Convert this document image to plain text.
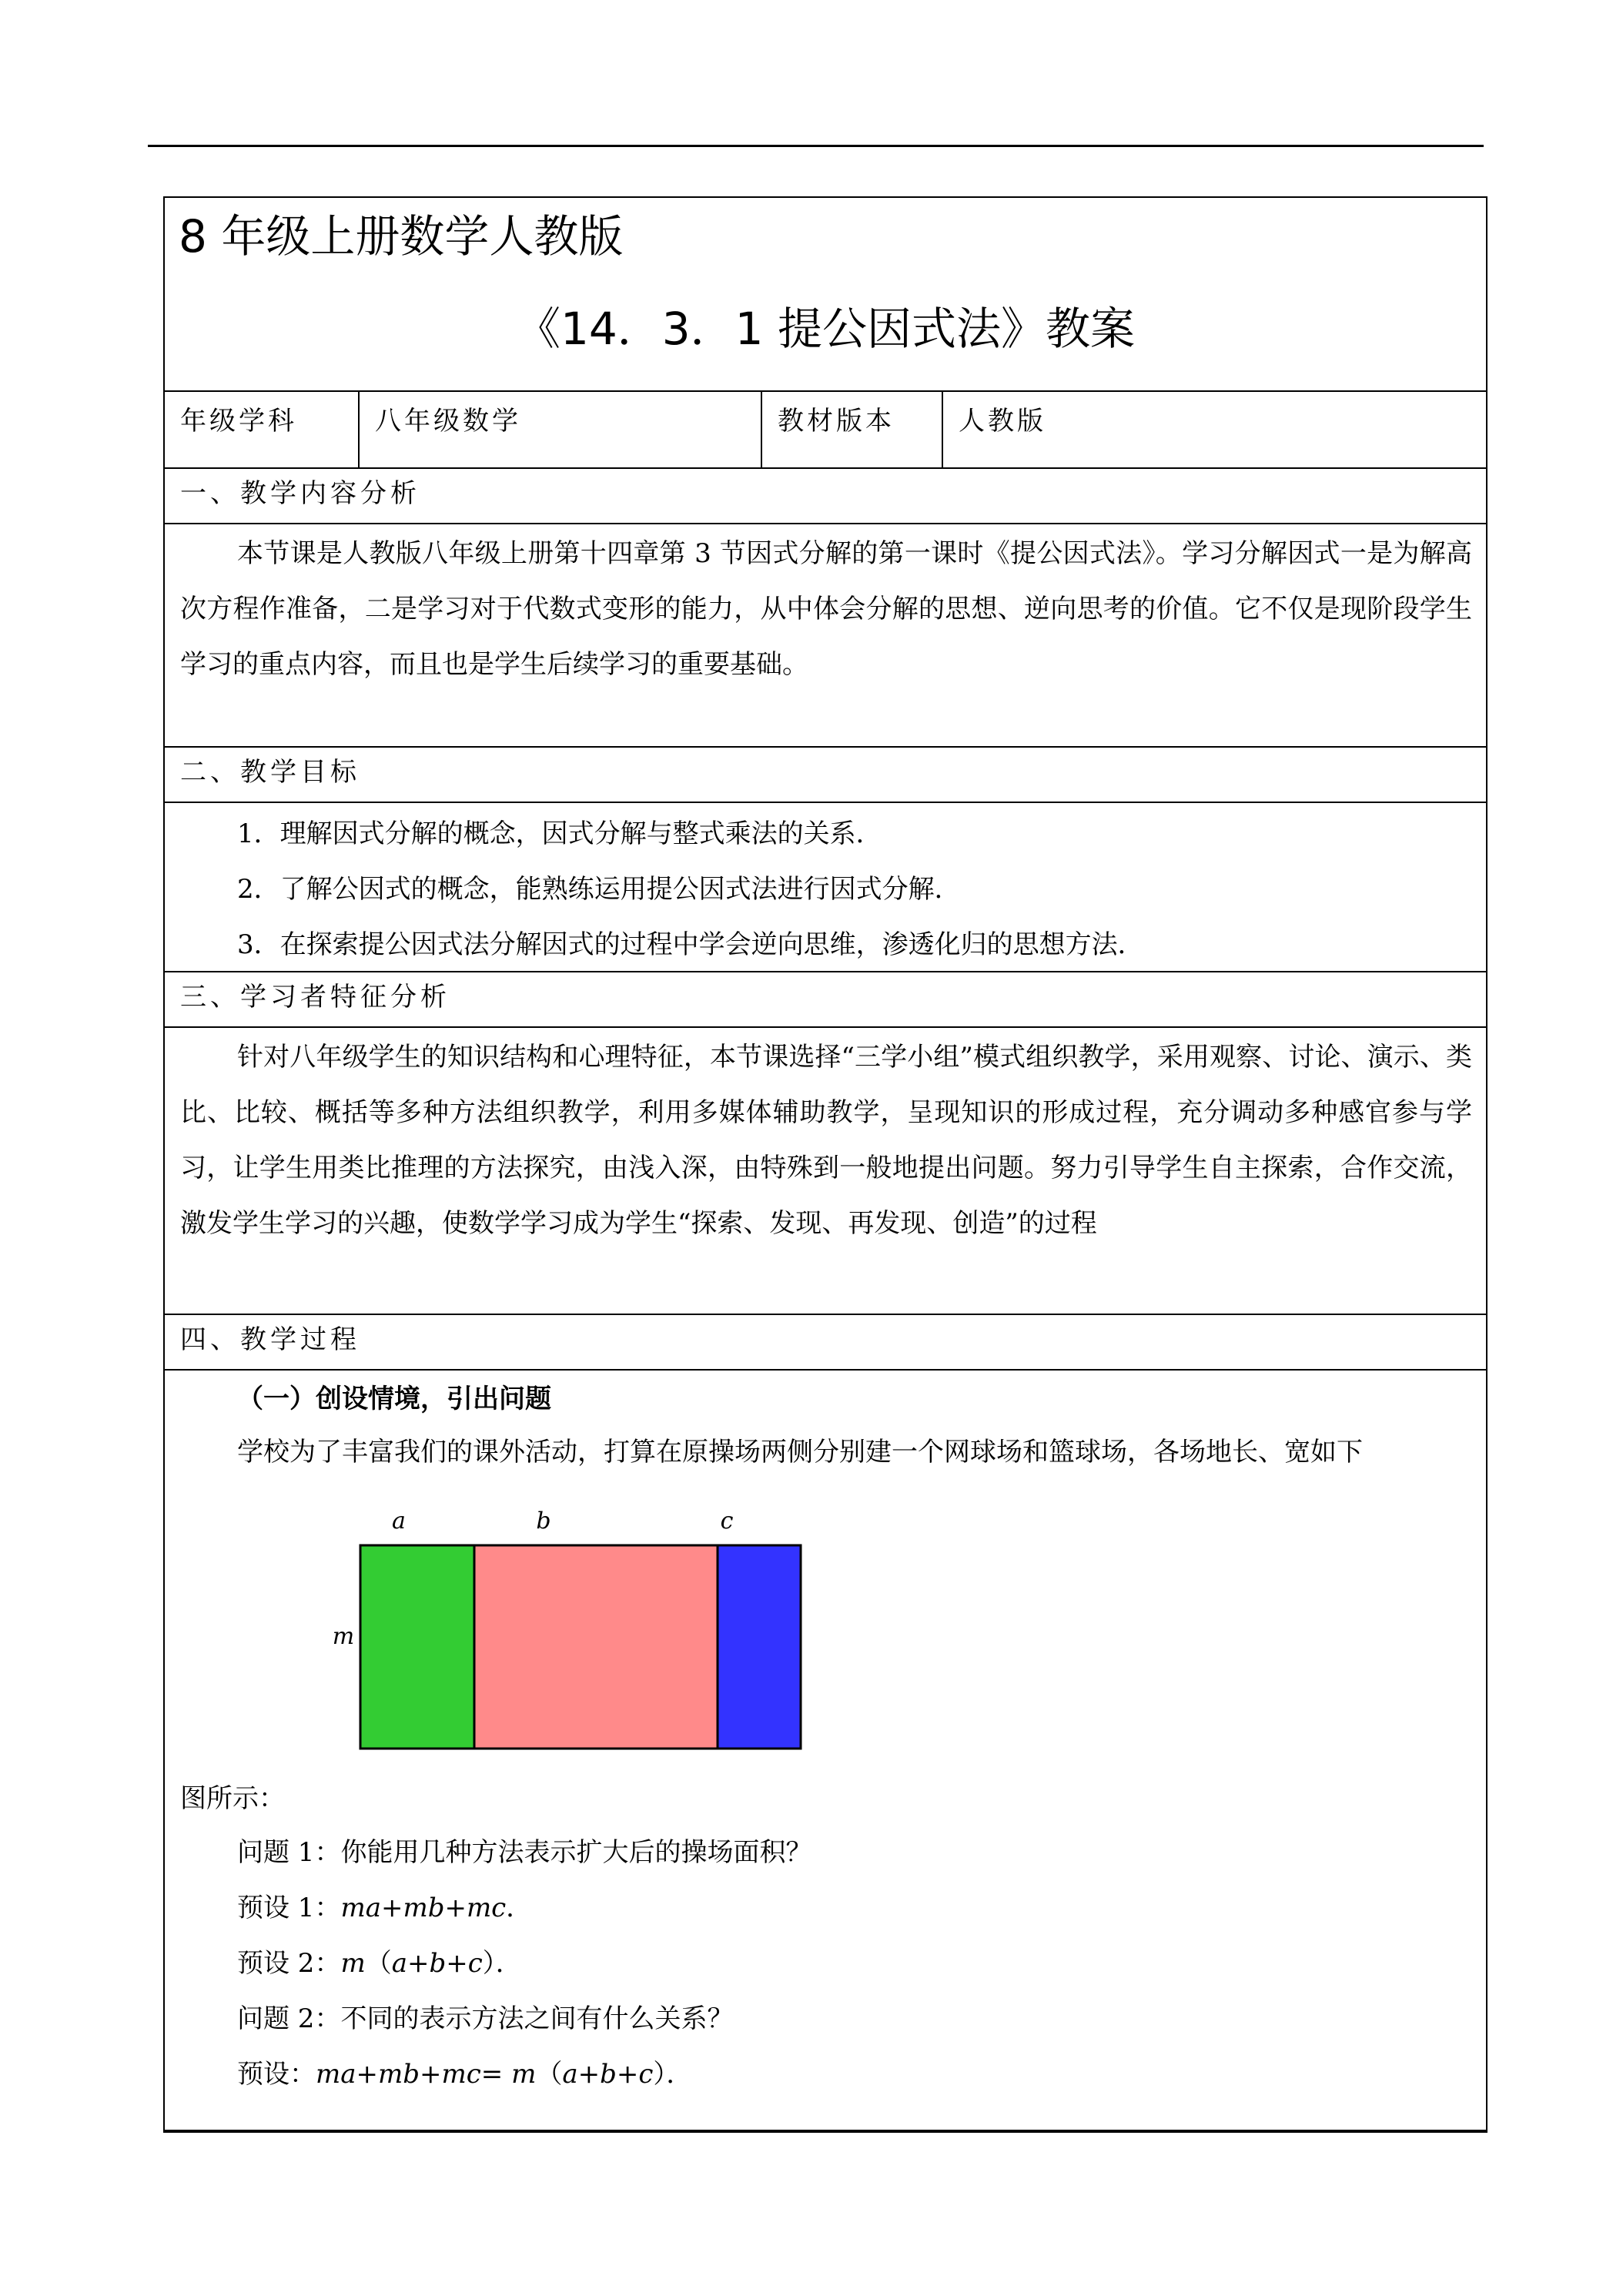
8 年级上册数学人教版
《14．3．1 提公因式法》教案
年级学科	八年级数学	教材版本	人教版
一、教学内容分析

本节课是人教版八年级上册第十四章第 3 节因式分解的第一课时《提公因式法》。学习分解因式一是为解高次方程作准备，二是学习对于代数式变形的能力，从中体会分解的思想、逆向思考的价值。它不仅是现阶段学生学习的重点内容，而且也是学生后续学习的重要基础。

二、教学目标

1．理解因式分解的概念，因式分解与整式乘法的关系．

2．了解公因式的概念，能熟练运用提公因式法进行因式分解．

3．在探索提公因式法分解因式的过程中学会逆向思维，渗透化归的思想方法．

三、学习者特征分析

针对八年级学生的知识结构和心理特征，本节课选择“三学小组”模式组织教学，采用观察、讨论、演示、类比、比较、概括等多种方法组织教学，利用多媒体辅助教学，呈现知识的形成过程，充分调动多种感官参与学习，让学生用类比推理的方法探究，由浅入深，由特殊到一般地提出问题。努力引导学生自主探索，合作交流，激发学生学习的兴趣，使数学学习成为学生“探索、发现、再发现、创造”的过程

四、教学过程
（一）创设情境，引出问题

学校为了丰富我们的课外活动，打算在原操场两侧分别建一个网球场和篮球场，各场地长、宽如下

a	b	c
m
图所示：
问题 1：你能用几种方法表示扩大后的操场面积？
预设 1：ma+mb+mc．
预设 2：m（a+b+c）．
问题 2：不同的表示方法之间有什么关系？
预设：ma+mb+mc= m（a+b+c）．
